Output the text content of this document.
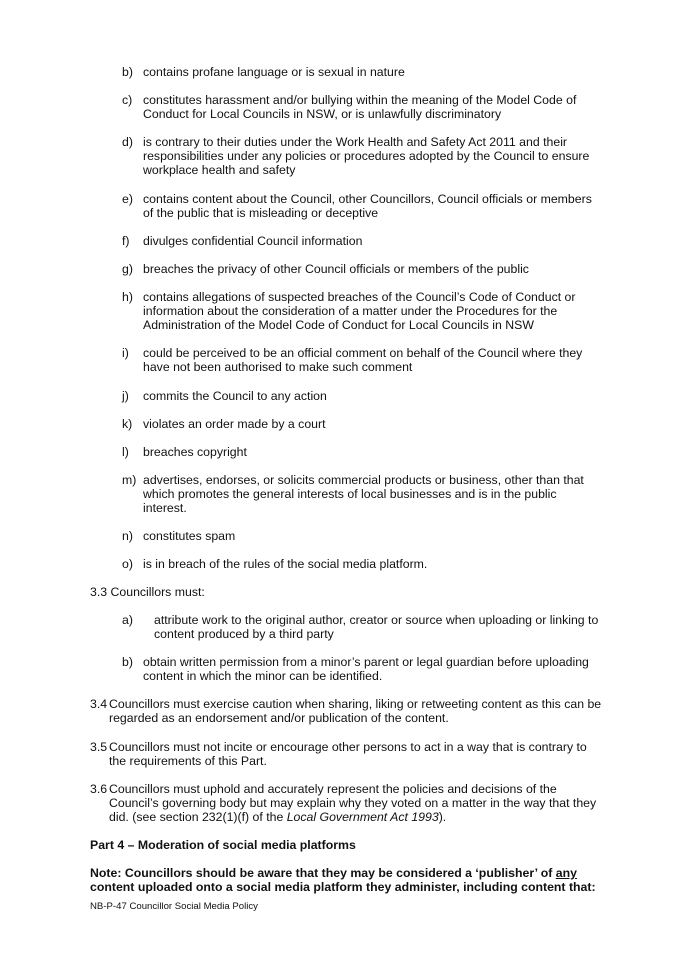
b) contains profane language or is sexual in nature
c) constitutes harassment and/or bullying within the meaning of the Model Code of Conduct for Local Councils in NSW, or is unlawfully discriminatory
d) is contrary to their duties under the Work Health and Safety Act 2011 and their responsibilities under any policies or procedures adopted by the Council to ensure workplace health and safety
e) contains content about the Council, other Councillors, Council officials or members of the public that is misleading or deceptive
f)	divulges confidential Council information
g) breaches the privacy of other Council officials or members of the public
h) contains allegations of suspected breaches of the Council’s Code of Conduct or information about the consideration of a matter under the Procedures for the Administration of the Model Code of Conduct for Local Councils in NSW
i)	could be perceived to be an official comment on behalf of the Council where they have not been authorised to make such comment
j)	commits the Council to any action
k) violates an order made by a court
l)	breaches copyright
m) advertises, endorses, or solicits commercial products or business, other than that which promotes the general interests of local businesses and is in the public interest.
n) constitutes spam
o) is in breach of the rules of the social media platform.
3.3 Councillors must:
a)	attribute work to the original author, creator or source when uploading or linking to content produced by a third party
b) obtain written permission from a minor’s parent or legal guardian before uploading content in which the minor can be identified.
3.4 Councillors must exercise caution when sharing, liking or retweeting content as this can be regarded as an endorsement and/or publication of the content.
3.5 Councillors must not incite or encourage other persons to act in a way that is contrary to the requirements of this Part.
3.6 Councillors must uphold and accurately represent the policies and decisions of the Council’s governing body but may explain why they voted on a matter in the way that they did. (see section 232(1)(f) of the Local Government Act 1993).
Part 4 – Moderation of social media platforms
Note: Councillors should be aware that they may be considered a ‘publisher’ of any content uploaded onto a social media platform they administer, including content that:
NB-P-47 Councillor Social Media Policy
